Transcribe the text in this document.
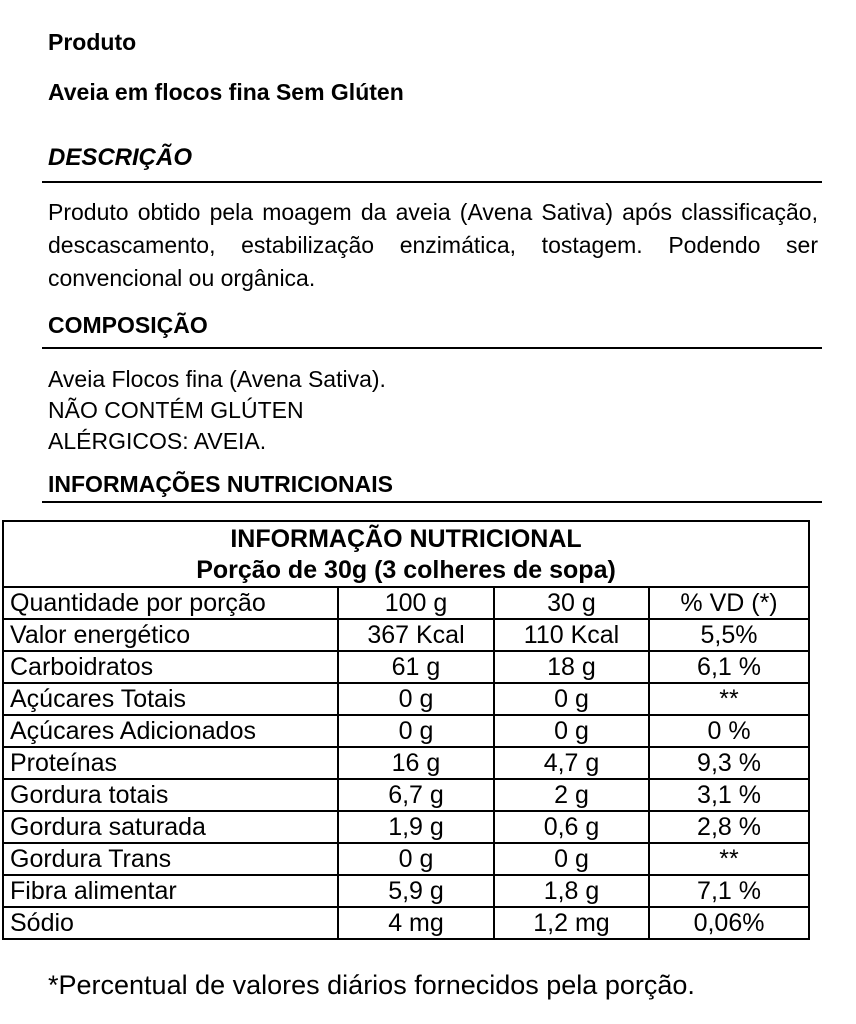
Produto
Aveia em flocos fina Sem Glúten
DESCRIÇÃO
Produto obtido pela moagem da aveia (Avena Sativa) após classificação, descascamento, estabilização enzimática, tostagem. Podendo ser convencional ou orgânica.
COMPOSIÇÃO
Aveia Flocos fina (Avena Sativa).
NÃO CONTÉM GLÚTEN
ALÉRGICOS: AVEIA.
INFORMAÇÕES NUTRICIONAIS
INFORMAÇÃO NUTRICIONAL
Porção de 30g (3 colheres de sopa)			

Quantidade por porção	100 g	30 g	% VD (*)
Valor energético	367 Kcal	110 Kcal	5,5%
Carboidratos	61 g	18 g	6,1 %
Açúcares Totais	0 g	0 g	**
Açúcares Adicionados	0 g	0 g	0 %
Proteínas	16 g	4,7 g	9,3 %
Gordura totais	6,7 g	2 g	3,1 %
Gordura saturada	1,9 g	0,6 g	2,8 %
Gordura Trans	0 g	0 g	**
Fibra alimentar	5,9 g	1,8 g	7,1 %
Sódio	4 mg	1,2 mg	0,06%
*Percentual de valores diários fornecidos pela porção.
